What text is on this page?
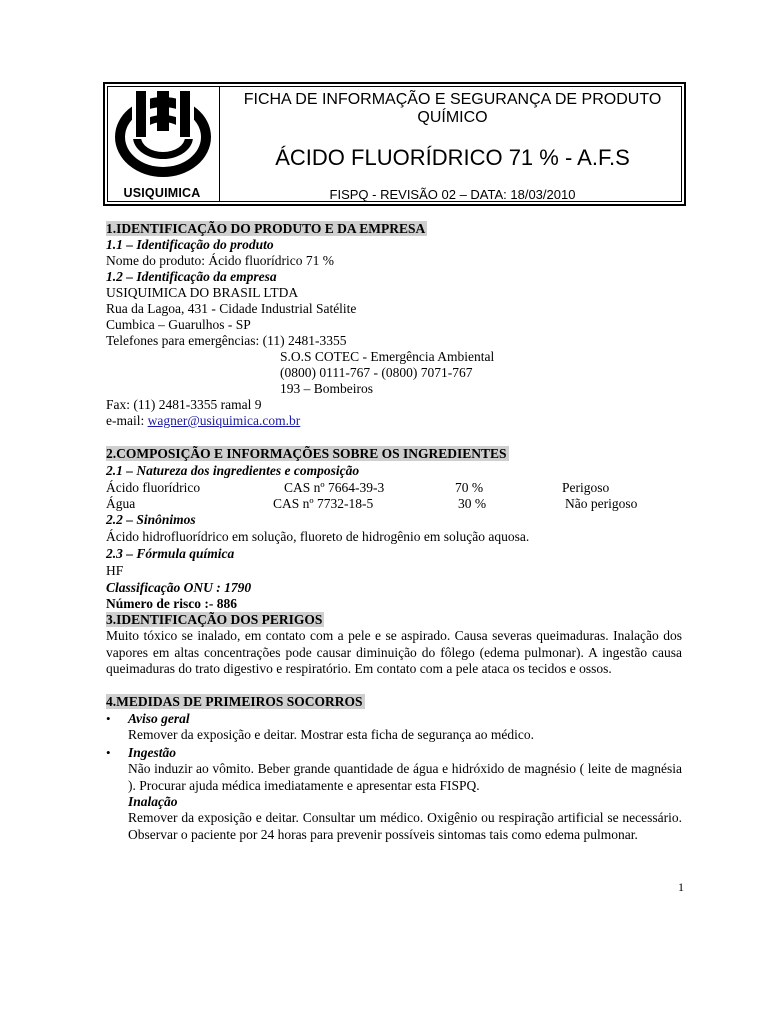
USIQUIMICA
FICHA DE INFORMAÇÃO E SEGURANÇA DE PRODUTO QUÍMICO
ÁCIDO FLUORÍDRICO 71 % - A.F.S
FISPQ - REVISÃO 02 – DATA: 18/03/2010
1.IDENTIFICAÇÃO DO PRODUTO E DA EMPRESA
1.1 – Identificação do produto
Nome do produto: Ácido fluorídrico 71 %
1.2 – Identificação da empresa
USIQUIMICA DO BRASIL LTDA
Rua da Lagoa, 431 - Cidade Industrial Satélite
Cumbica – Guarulhos - SP
Telefones para emergências: (11) 2481-3355
S.O.S COTEC - Emergência Ambiental
(0800) 0111-767 - (0800) 7071-767
193 – Bombeiros
Fax: (11) 2481-3355 ramal 9
e-mail: wagner@usiquimica.com.br
2.COMPOSIÇÃO E INFORMAÇÕES SOBRE OS INGREDIENTES
2.1 – Natureza dos ingredientes e composição
Ácido fluorídrico	CAS nº 7664-39-3	70 %	Perigoso
Água	CAS nº 7732-18-5	30 %	Não perigoso
2.2 – Sinônimos
Ácido hidrofluorídrico em solução, fluoreto de hidrogênio em solução aquosa.
2.3 – Fórmula química
HF
Classificação ONU : 1790
Número de risco :- 886
3.IDENTIFICAÇÃO DOS PERIGOS
Muito tóxico se inalado, em contato com a pele e se aspirado. Causa severas queimaduras. Inalação dos vapores em altas concentrações pode causar diminuição do fôlego (edema pulmonar). A ingestão causa queimaduras do trato digestivo e respiratório. Em contato com a pele ataca os tecidos e ossos.
4.MEDIDAS DE PRIMEIROS SOCORROS
• Aviso geral
Remover da exposição e deitar. Mostrar esta ficha de segurança ao médico.
• Ingestão
Não induzir ao vômito. Beber grande quantidade de água e hidróxido de magnésio ( leite de magnésia ). Procurar ajuda médica imediatamente e apresentar esta FISPQ.
Inalação
Remover da exposição e deitar. Consultar um médico. Oxigênio ou respiração artificial se necessário. Observar o paciente por 24 horas para prevenir possíveis sintomas tais como edema pulmonar.
1
